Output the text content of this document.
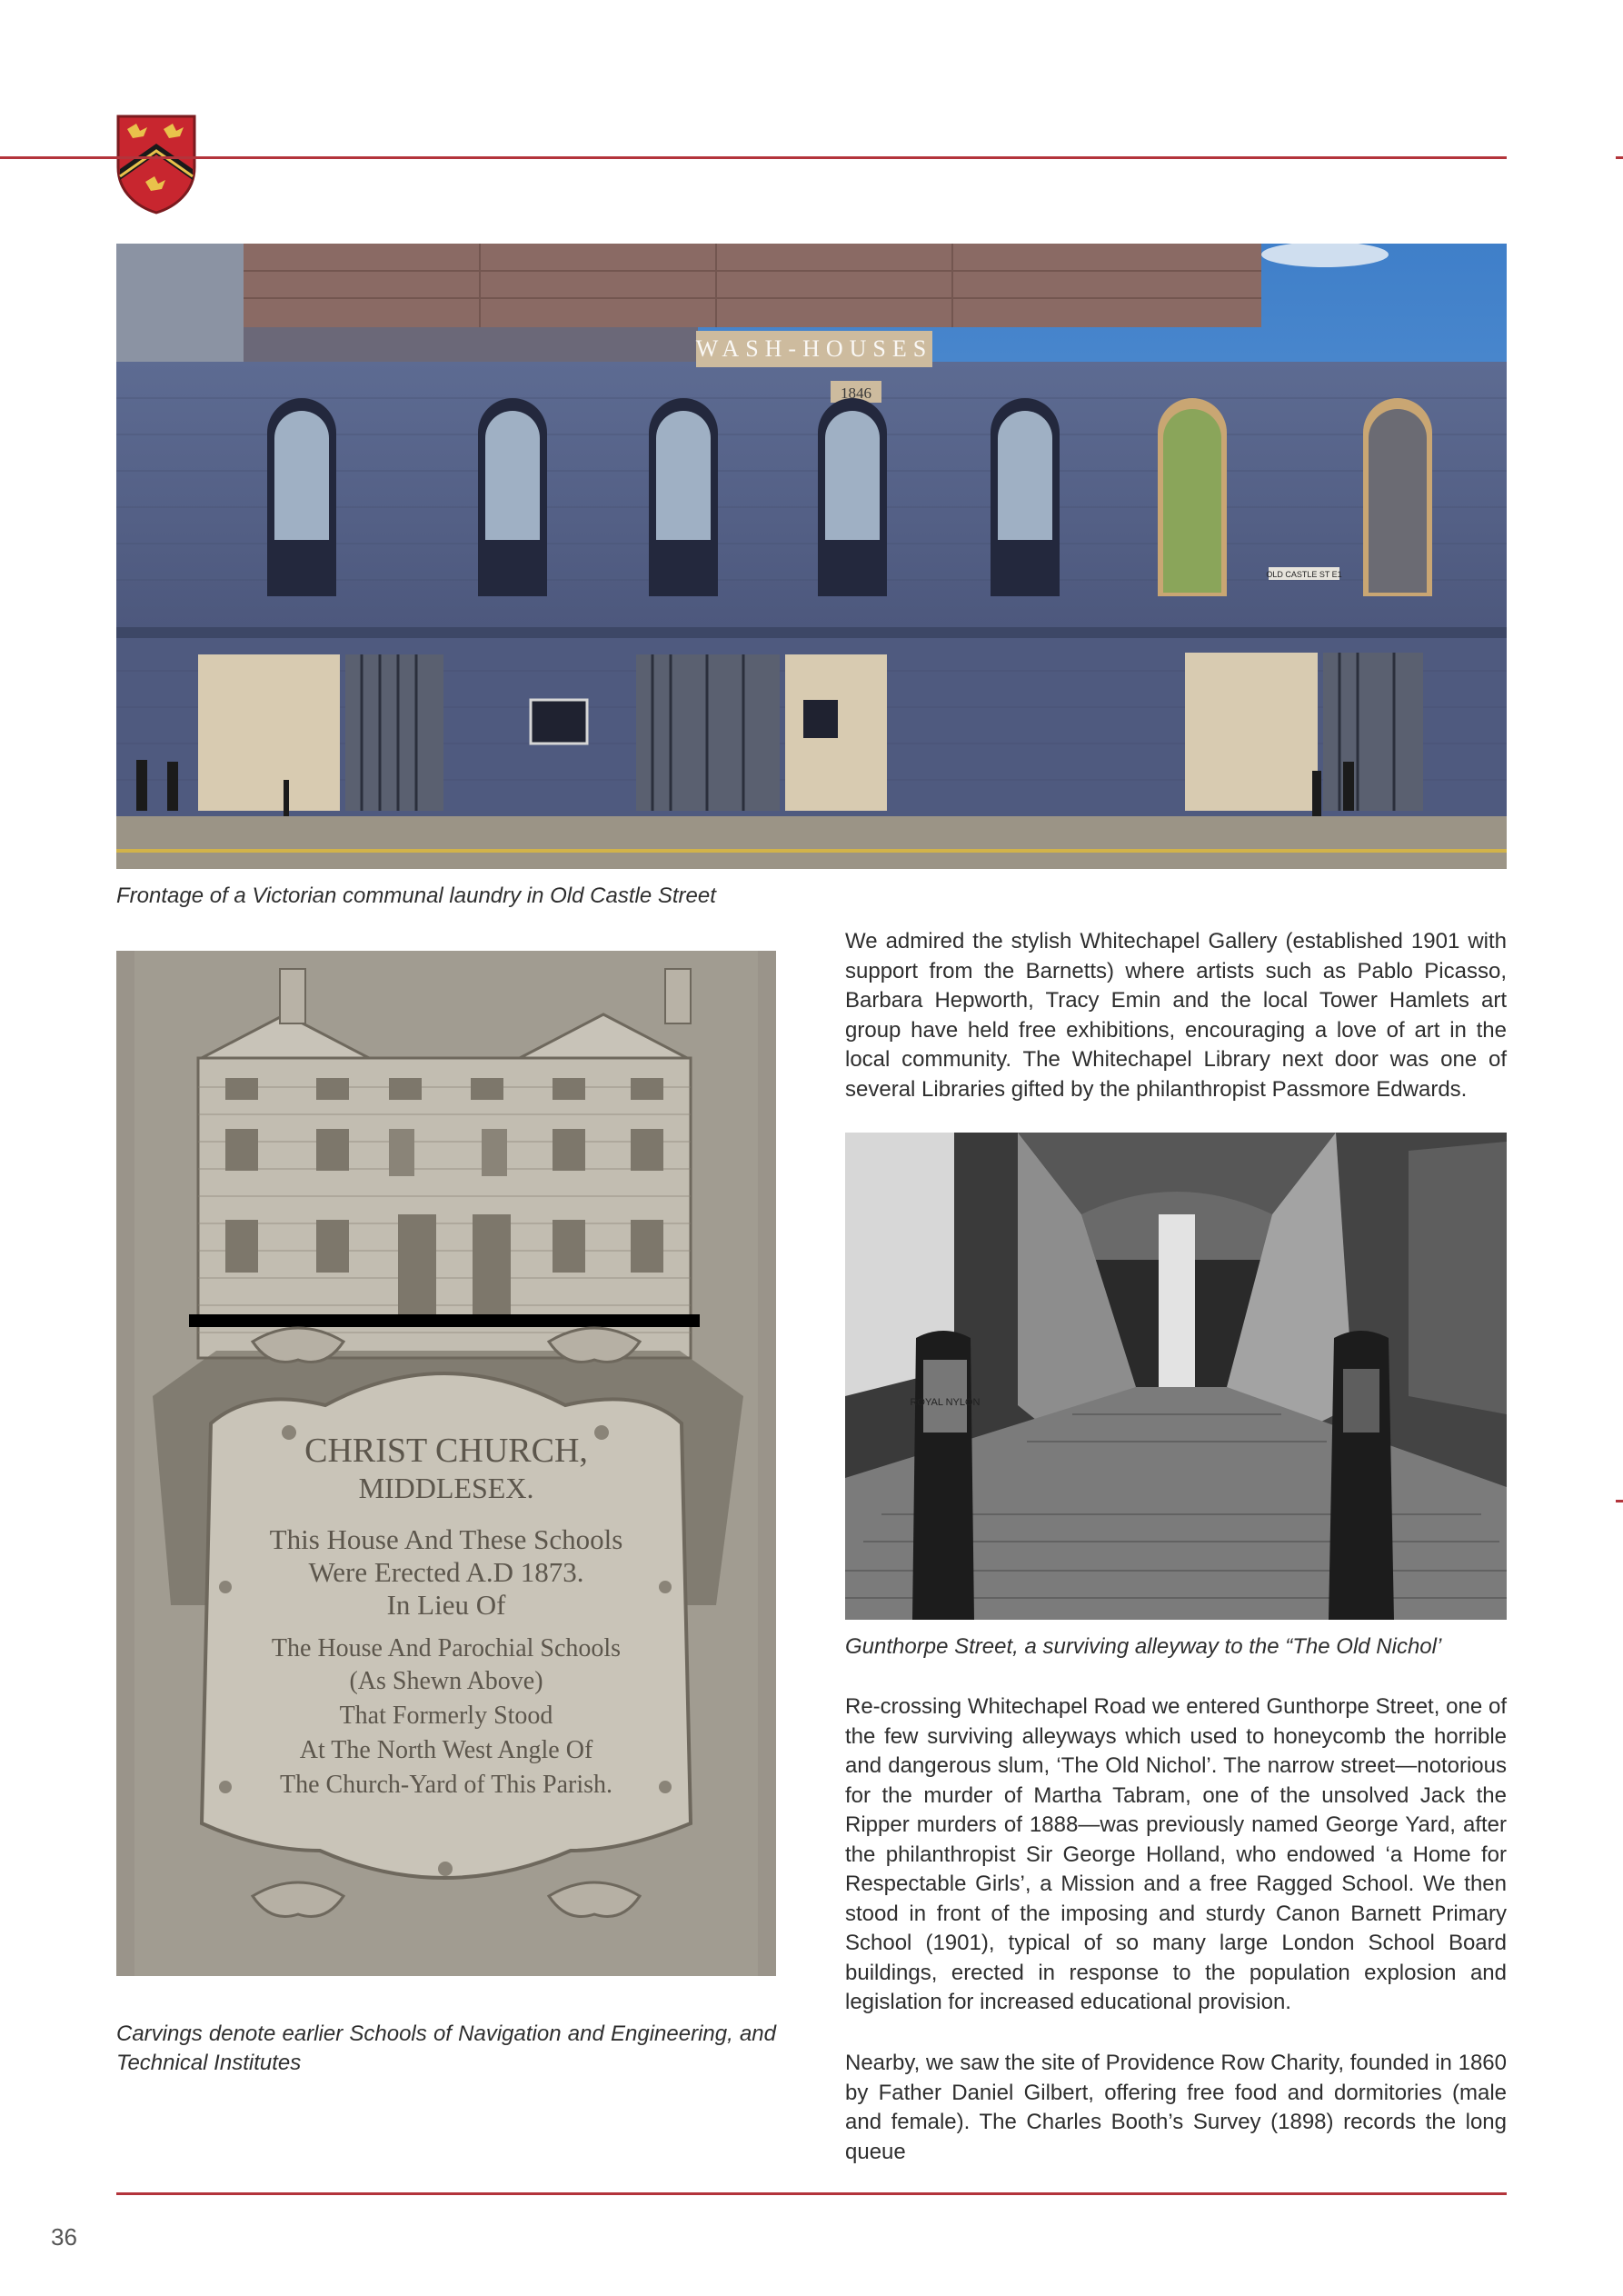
WASH-HOUSES
1846
OLD CASTLE ST E1
Frontage of a Victorian communal laundry in Old Castle Street
CHRIST CHURCH,
MIDDLESEX.
This House And These Schools
Were Erected A.D 1873.
In Lieu Of
The House And Parochial Schools
(As Shewn Above)
That Formerly Stood
At The North West Angle Of
The Church-Yard of This Parish.
Carvings denote earlier Schools of Navigation and Engineering, and Technical Institutes

We admired the stylish Whitechapel Gallery (established 1901 with support from the Barnetts) where artists such as Pablo Picasso, Barbara Hepworth, Tracy Emin and the local Tower Hamlets art group have held free exhibitions, encouraging a love of art in the local community. The Whitechapel Library next door was one of several Libraries gifted by the philanthropist Passmore Edwards.

ROYAL NYLON
Gunthorpe Street, a surviving alleyway to the “The Old Nichol’

Re-crossing Whitechapel Road we entered Gunthorpe Street, one of the few surviving alleyways which used to honeycomb the horrible and dangerous slum, ‘The Old Nichol’. The narrow street—notorious for the murder of Martha Tabram, one of the unsolved Jack the Ripper murders of 1888—was previously named George Yard, after the philanthropist Sir George Holland, who endowed ‘a Home for Respectable Girls’, a Mission and a free Ragged School. We then stood in front of the imposing and sturdy Canon Barnett Primary School (1901), typical of so many large London School Board buildings, erected in response to the population explosion and legislation for increased educational provision.

Nearby, we saw the site of Providence Row Charity, founded in 1860 by Father Daniel Gilbert, offering free food and dormitories (male and female). The Charles Booth’s Survey (1898) records the long queue

36
